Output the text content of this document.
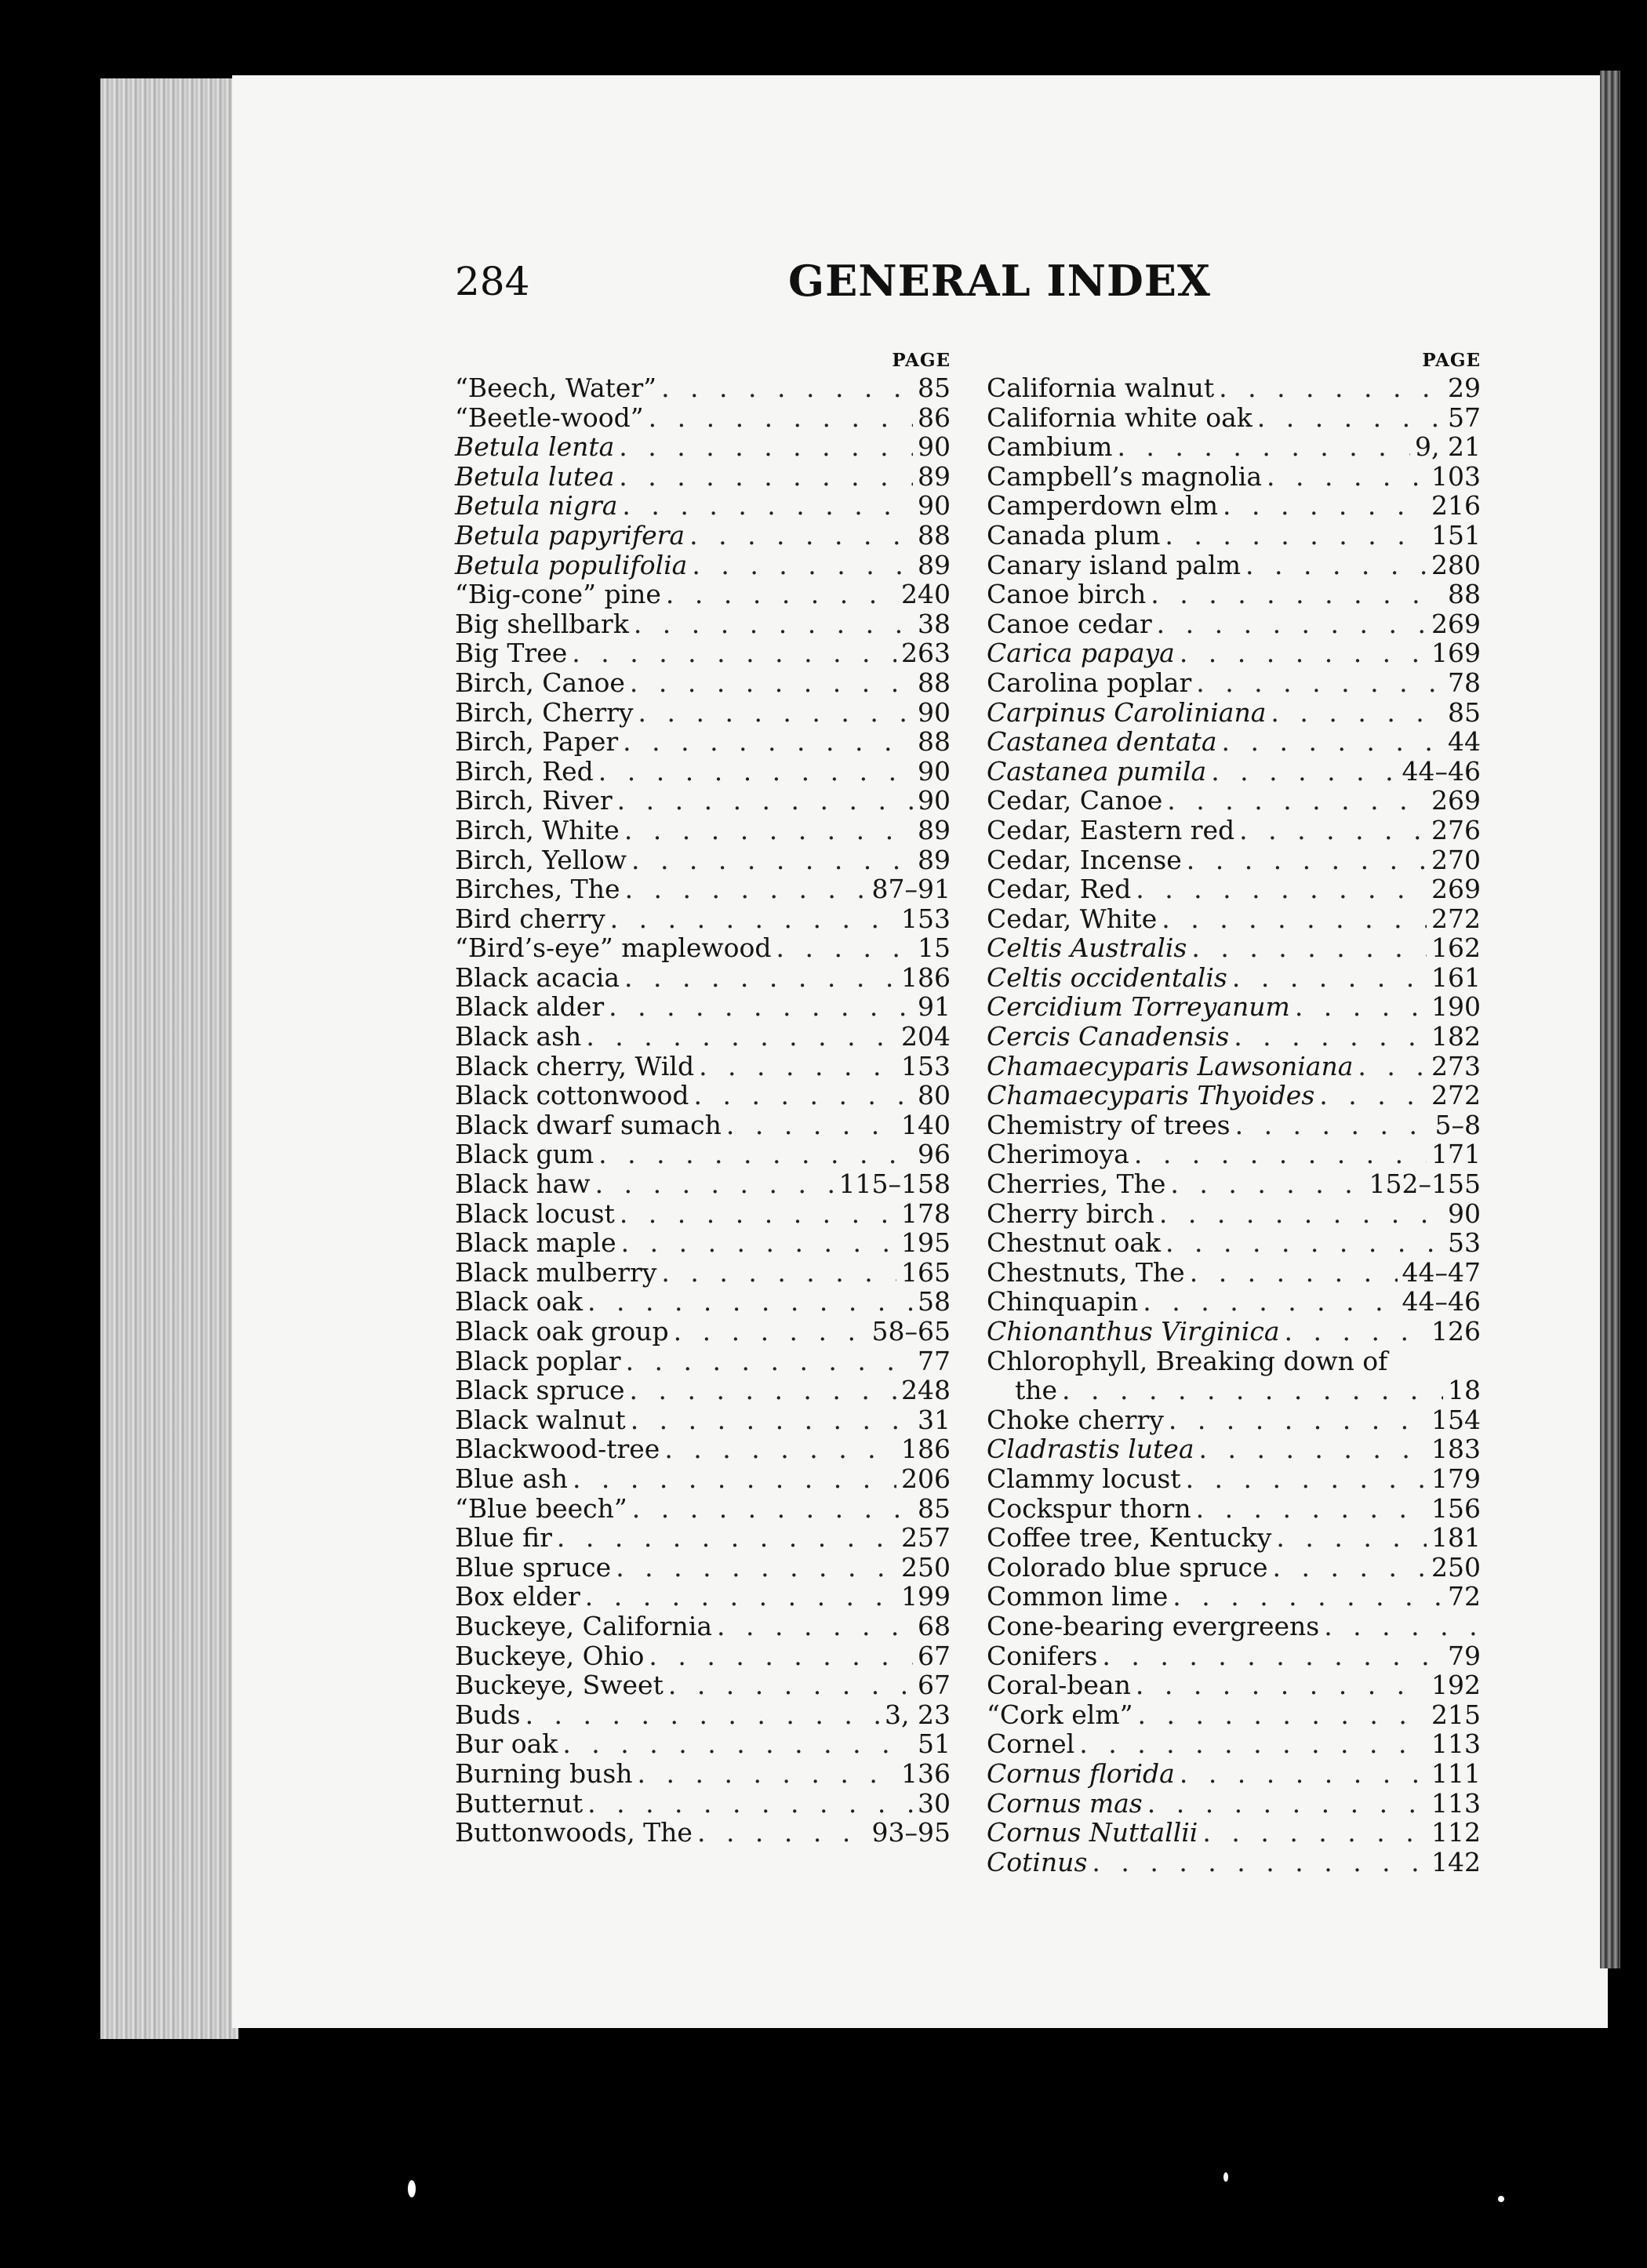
284	GENERAL INDEX
PAGE
“Beech, Water” . . .	85
“Beetle-wood” . . .	86
Betula lenta . . .	90
Betula lutea . . .	89
Betula nigra . . .	90
Betula papyrifera . . .	88
Betula populifolia . . .	89
“Big-cone” pine . . .	240
Big shellbark . . .	38
Big Tree . . .	263
Birch, Canoe . . .	88
Birch, Cherry . . .	90
Birch, Paper . . .	88
Birch, Red . . .	90
Birch, River . . .	90
Birch, White . . .	89
Birch, Yellow . . .	89
Birches, The . . .	87–91
Bird cherry . . .	153
“Bird’s-eye” maplewood . . .	15
Black acacia . . .	186
Black alder . . .	91
Black ash . . .	204
Black cherry, Wild . . .	153
Black cottonwood . . .	80
Black dwarf sumach . . .	140
Black gum . . .	96
Black haw . . .	115–158
Black locust . . .	178
Black maple . . .	195
Black mulberry . . .	165
Black oak . . .	58
Black oak group . . .	58–65
Black poplar . . .	77
Black spruce . . .	248
Black walnut . . .	31
Blackwood-tree . . .	186
Blue ash . . .	206
“Blue beech” . . .	85
Blue fir . . .	257
Blue spruce . . .	250
Box elder . . .	199
Buckeye, California . . .	68
Buckeye, Ohio . . .	67
Buckeye, Sweet . . .	67
Buds . . .	3, 23
Bur oak . . .	51
Burning bush . . .	136
Butternut . . .	30
Buttonwoods, The . . .	93–95
PAGE
California walnut . . .	29
California white oak . . .	57
Cambium . . .	9, 21
Campbell’s magnolia . . .	103
Camperdown elm . . .	216
Canada plum . . .	151
Canary island palm . . .	280
Canoe birch . . .	88
Canoe cedar . . .	269
Carica papaya . . .	169
Carolina poplar . . .	78
Carpinus Caroliniana . . .	85
Castanea dentata . . .	44
Castanea pumila . . .	44–46
Cedar, Canoe . . .	269
Cedar, Eastern red . . .	276
Cedar, Incense . . .	270
Cedar, Red . . .	269
Cedar, White . . .	272
Celtis Australis . . .	162
Celtis occidentalis . . .	161
Cercidium Torreyanum . . .	190
Cercis Canadensis . . .	182
Chamaecyparis Lawsoniana . . .	273
Chamaecyparis Thyoides . . .	272
Chemistry of trees . . .	5–8
Cherimoya . . .	171
Cherries, The . . .	152–155
Cherry birch . . .	90
Chestnut oak . . .	53
Chestnuts, The . . .	44–47
Chinquapin . . .	44–46
Chionanthus Virginica . . .	126
Chlorophyll, Breaking down of
the . . .	18
Choke cherry . . .	154
Cladrastis lutea . . .	183
Clammy locust . . .	179
Cockspur thorn . . .	156
Coffee tree, Kentucky . . .	181
Colorado blue spruce . . .	250
Common lime . . .	72
Cone-bearing evergreens
. . .
Conifers . . .	79
Coral-bean . . .	192
“Cork elm” . . .	215
Cornel . . .	113
Cornus florida . . .	111
Cornus mas . . .	113
Cornus Nuttallii . . .	112
Cotinus . . .	142
